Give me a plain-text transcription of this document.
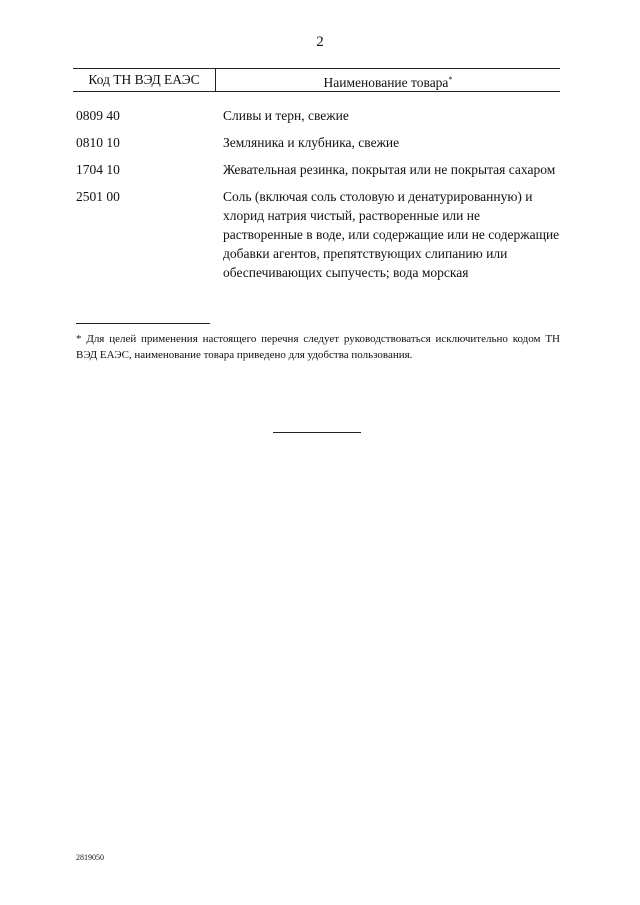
2
Код ТН ВЭД ЕАЭС	Наименование товара*
0809 40	Сливы и терн, свежие
0810 10	Земляника и клубника, свежие
1704 10	Жевательная резинка, покрытая или не покрытая сахаром
2501 00	Соль (включая соль столовую и денатурированную) и хлорид натрия чистый, растворенные или не растворенные в воде, или содержащие или не содержащие добавки агентов, препятствующих слипанию или обеспечивающих сыпучесть; вода морская
* Для целей применения настоящего перечня следует руководствоваться исключительно кодом ТН ВЭД ЕАЭС, наименование товара приведено для удобства пользования.
2819050
